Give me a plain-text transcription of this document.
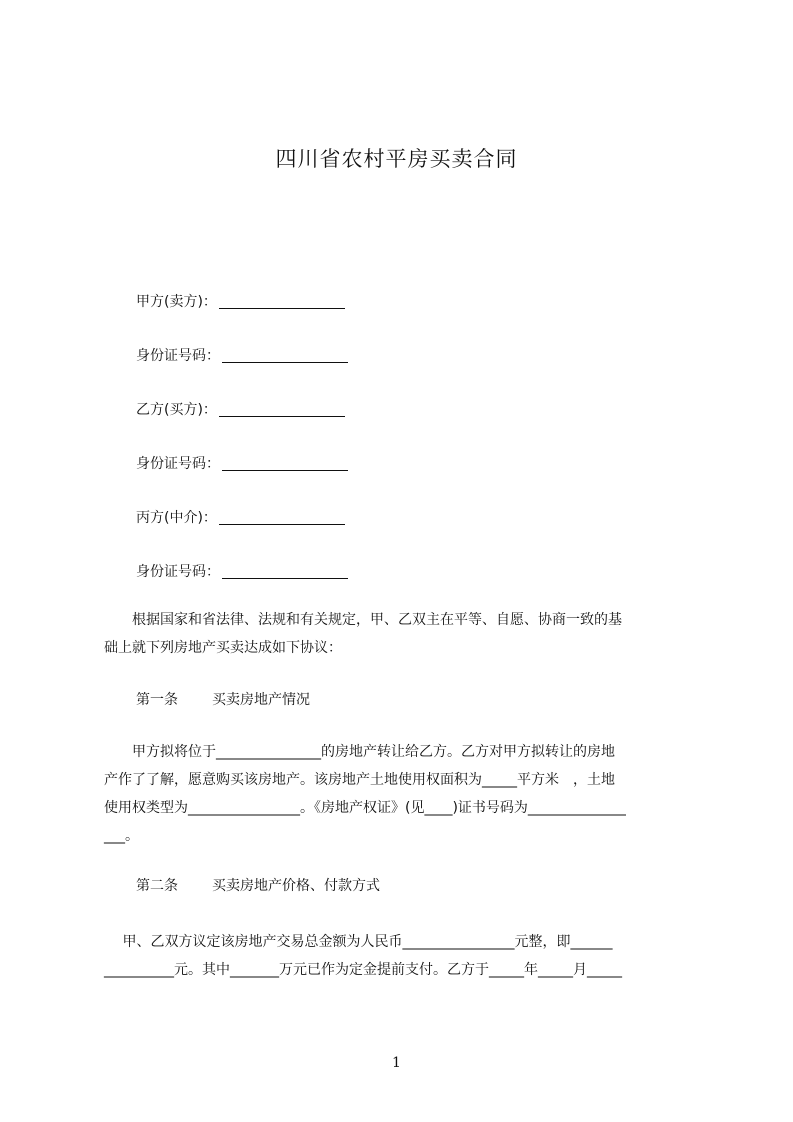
四川省农村平房买卖合同
甲方(卖方)：
身份证号码：
乙方(买方)：
身份证号码：
丙方(中介)：
身份证号码：
　　根据国家和省法律、法规和有关规定，甲、乙双主在平等、自愿、协商一致的基
础上就下列房地产买卖达成如下协议：
第一条 买卖房地产情况
　　甲方拟将位于_______________的房地产转让给乙方。乙方对甲方拟转让的房地
产作了了解，愿意购买该房地产。该房地产土地使用权面积为_____平方米　，土地
使用权类型为________________。《房地产权证》(见____)证书号码为______________
___。
第二条 买卖房地产价格、付款方式
　 甲、乙双方议定该房地产交易总金额为人民币________________元整，即______
__________元。其中_______万元已作为定金提前支付。乙方于_____年_____月_____
1
